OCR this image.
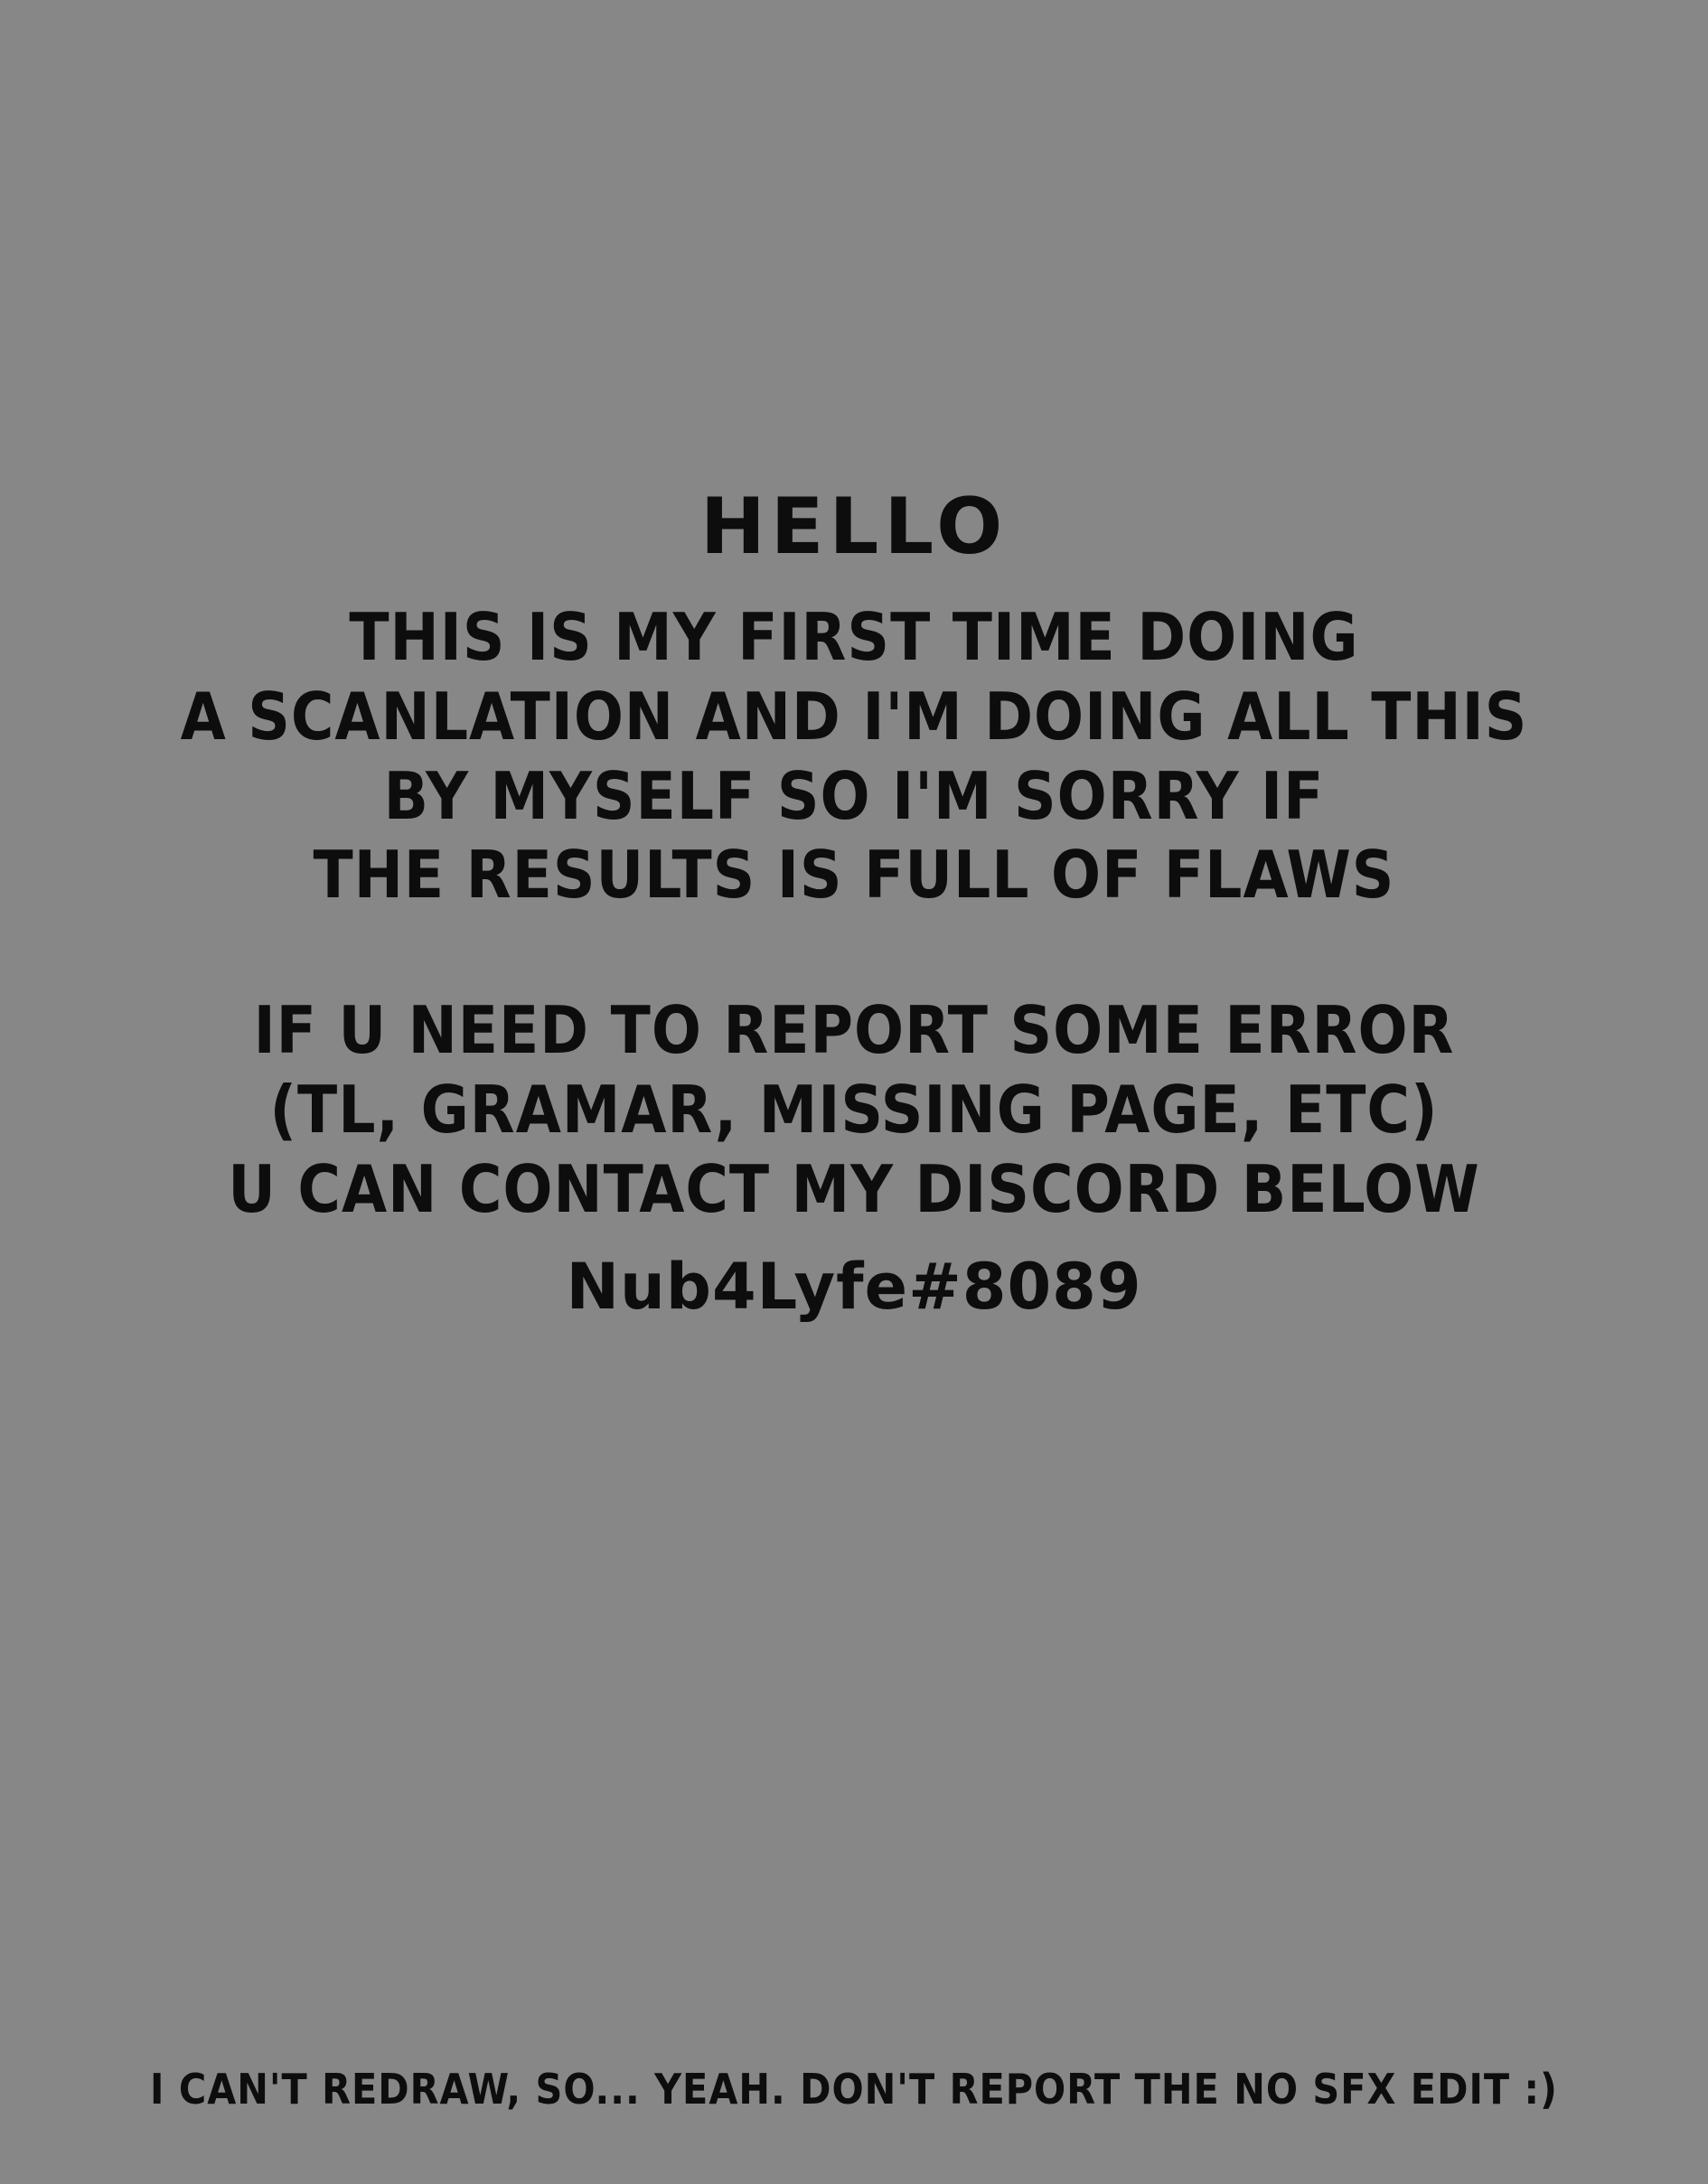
HELLO
THIS IS MY FIRST TIME DOING
A SCANLATION AND I'M DOING ALL THIS
BY MYSELF SO I'M SORRY IF
THE RESULTS IS FULL OF FLAWS
IF U NEED TO REPORT SOME ERROR
(TL, GRAMAR, MISSING PAGE, ETC)
U CAN CONTACT MY DISCORD BELOW
Nub4Lyfe#8089
I CAN'T REDRAW, SO... YEAH. DON'T REPORT THE NO SFX EDIT :)
